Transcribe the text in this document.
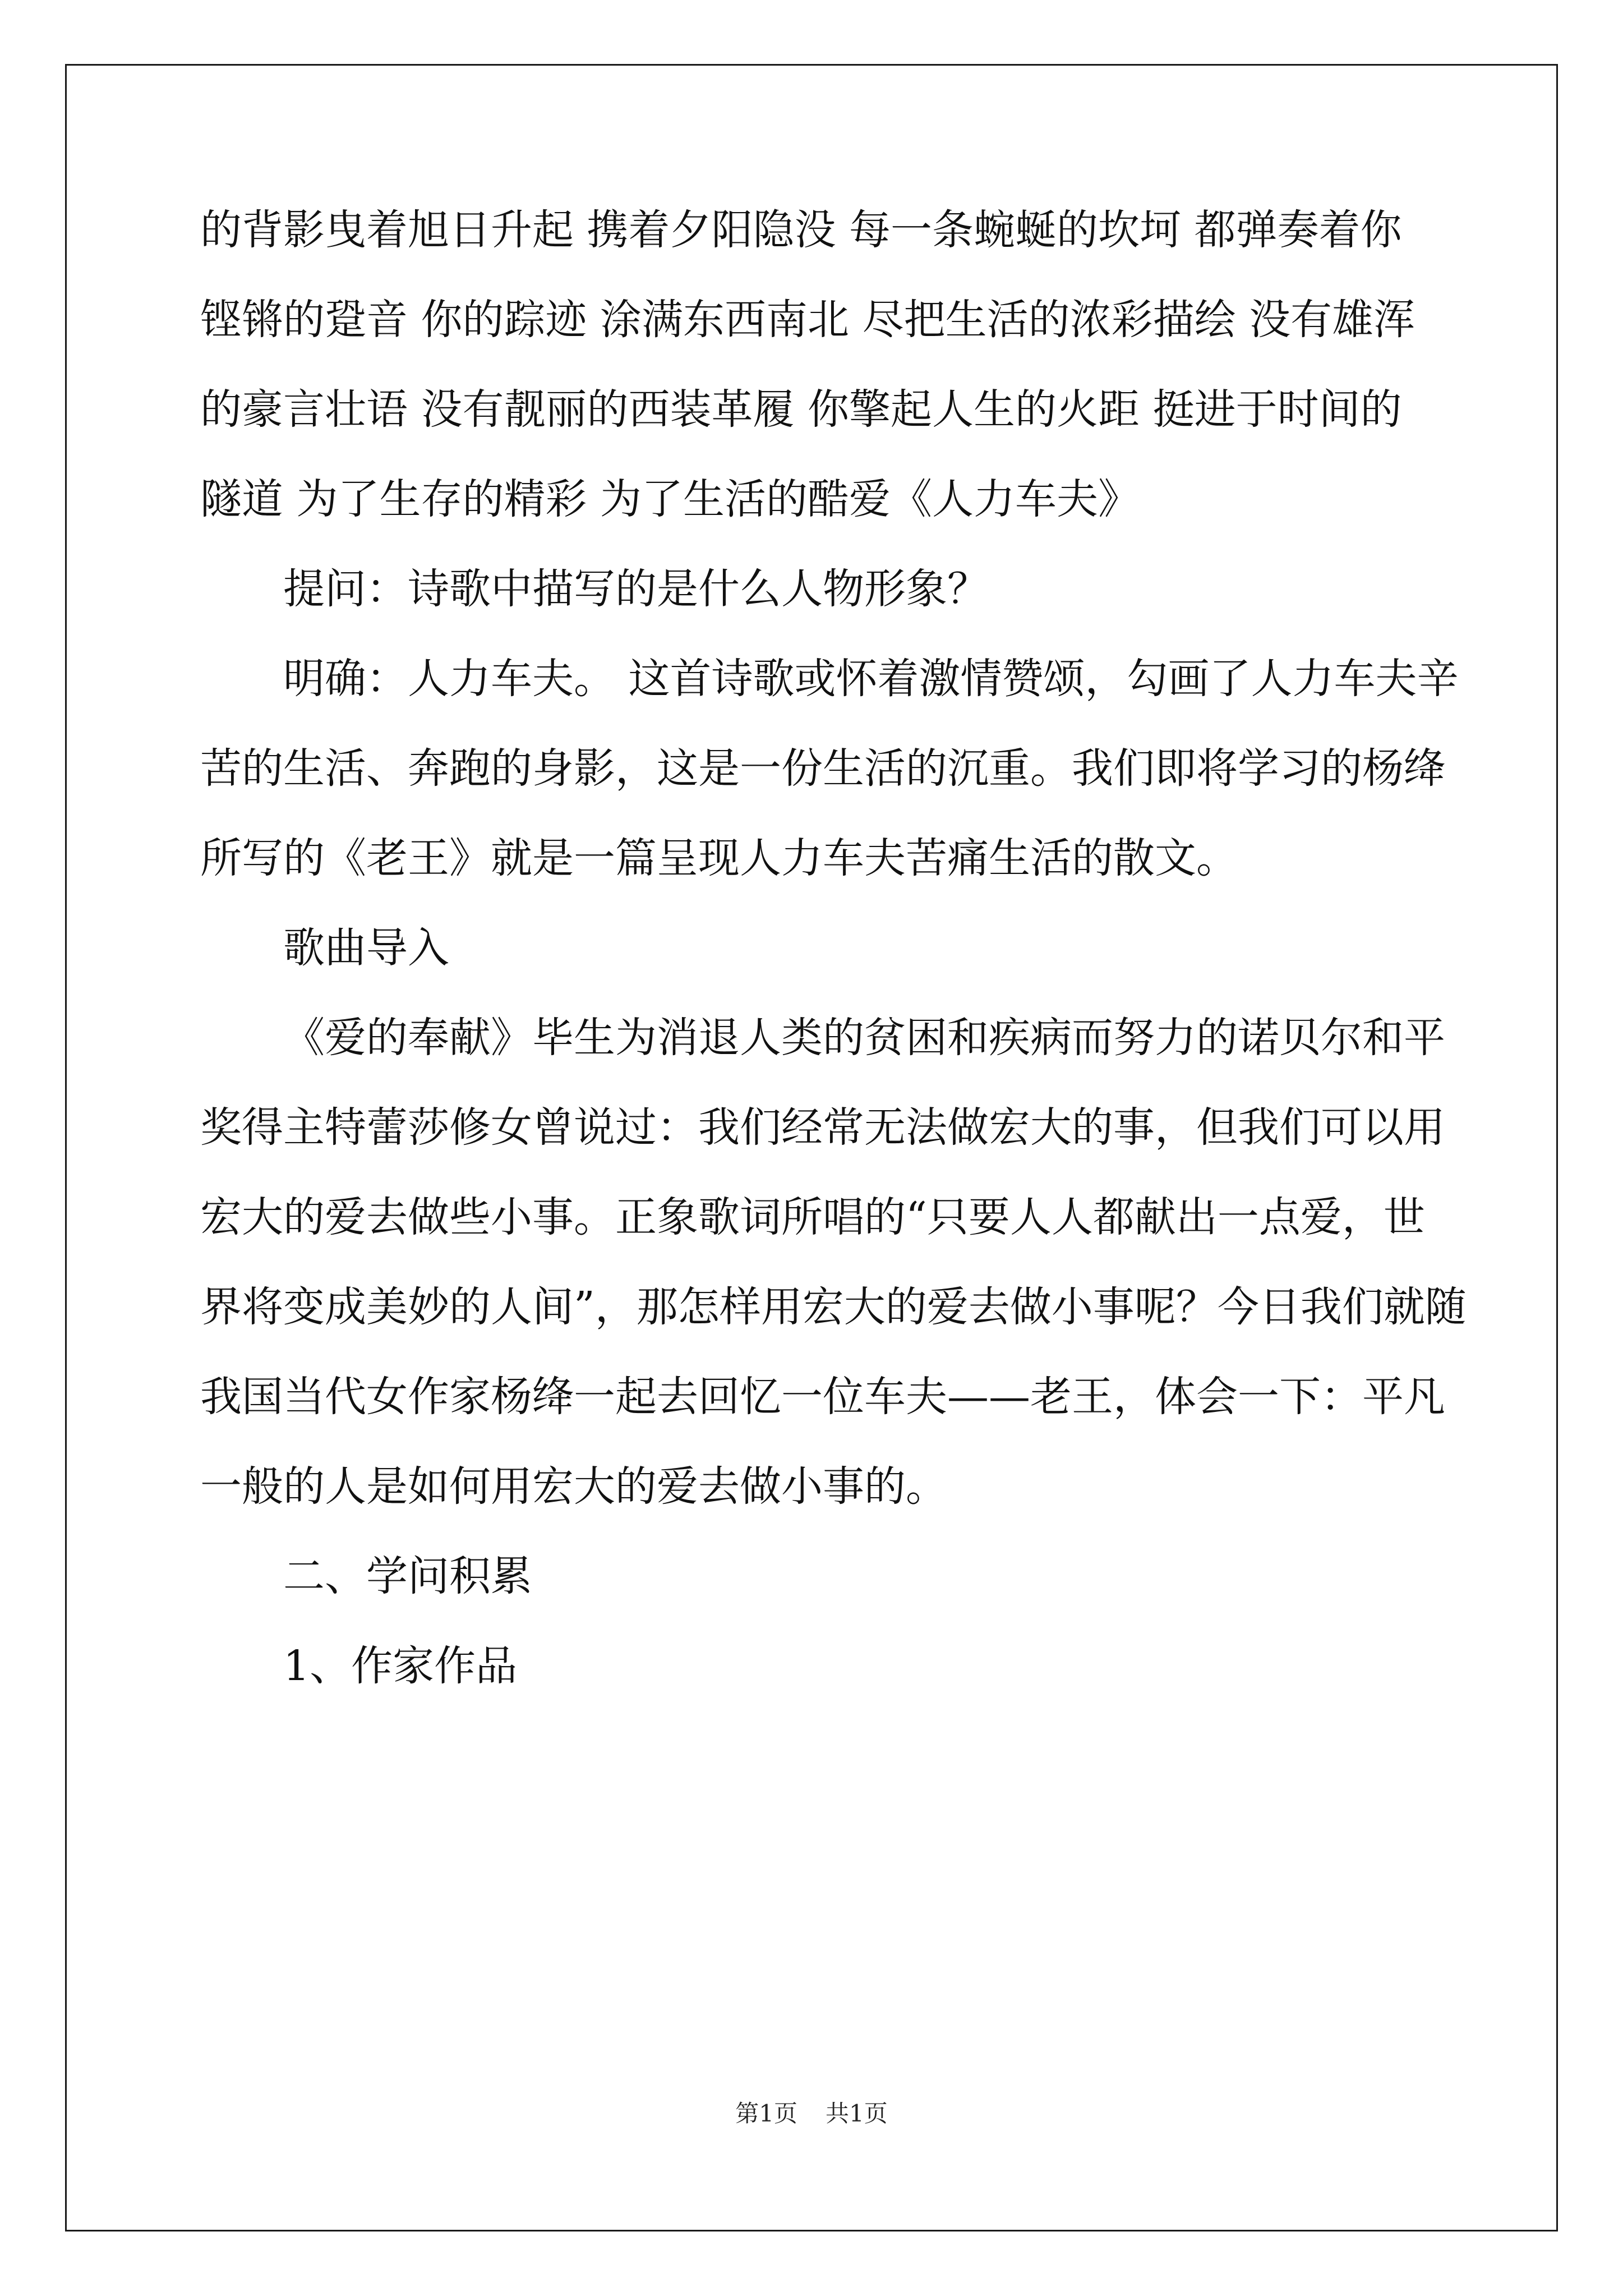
的背影曳着旭日升起 携着夕阳隐没 每一条蜿蜒的坎坷 都弹奏着你
铿锵的跫音 你的踪迹 涂满东西南北 尽把生活的浓彩描绘 没有雄浑
的豪言壮语 没有靓丽的西装革履 你擎起人生的火距 挺进于时间的
隧道 为了生存的精彩 为了生活的酷爱《人力车夫》
提问：诗歌中描写的是什么人物形象？
明确：人力车夫。 这首诗歌或怀着激情赞颂，勾画了人力车夫辛
苦的生活、奔跑的身影，这是一份生活的沉重。我们即将学习的杨绛
所写的《老王》就是一篇呈现人力车夫苦痛生活的散文。
歌曲导入
《爱的奉献》毕生为消退人类的贫困和疾病而努力的诺贝尔和平
奖得主特蕾莎修女曾说过：我们经常无法做宏大的事，但我们可以用
宏大的爱去做些小事。正象歌词所唱的“只要人人都献出一点爱，世
界将变成美妙的人间”，那怎样用宏大的爱去做小事呢？今日我们就随
我国当代女作家杨绛一起去回忆一位车夫——老王，体会一下：平凡
一般的人是如何用宏大的爱去做小事的。
二、学问积累
1、作家作品
第1页 共1页
